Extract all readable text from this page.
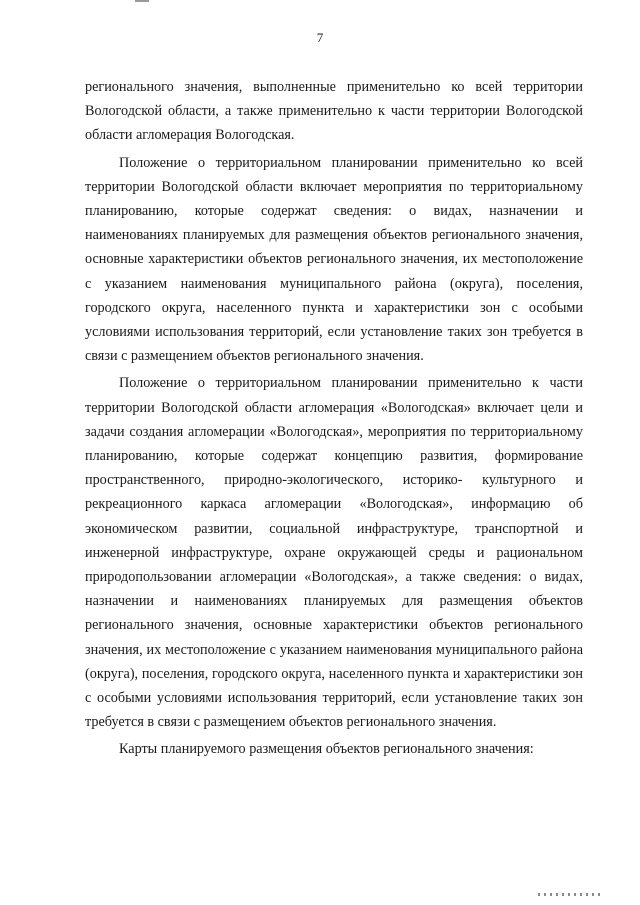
7

регионального значения, выполненные применительно ко всей территории Вологодской области, а также применительно к части территории Вологодской области агломерация Вологодская.

Положение о территориальном планировании применительно ко всей территории Вологодской области включает мероприятия по территориальному планированию, которые содержат сведения: о видах, назначении и наименованиях планируемых для размещения объектов регионального значения, основные характеристики объектов регионального значения, их местоположение с указанием наименования муниципального района (округа), поселения, городского округа, населенного пункта и характеристики зон с особыми условиями использования территорий, если установление таких зон требуется в связи с размещением объектов регионального значения.

Положение о территориальном планировании применительно к части территории Вологодской области агломерация «Вологодская» включает цели и задачи создания агломерации «Вологодская», мероприятия по территориальному планированию, которые содержат концепцию развития, формирование пространственного, природно-экологического, историко- культурного и рекреационного каркаса агломерации «Вологодская», информацию об экономическом развитии, социальной инфраструктуре, транспортной и инженерной инфраструктуре, охране окружающей среды и рациональном природопользовании агломерации «Вологодская», а также сведения: о видах, назначении и наименованиях планируемых для размещения объектов регионального значения, основные характеристики объектов регионального значения, их местоположение с указанием наименования муниципального района (округа), поселения, городского округа, населенного пункта и характеристики зон с особыми условиями использования территорий, если установление таких зон требуется в связи с размещением объектов регионального значения.

Карты планируемого размещения объектов регионального значения:
